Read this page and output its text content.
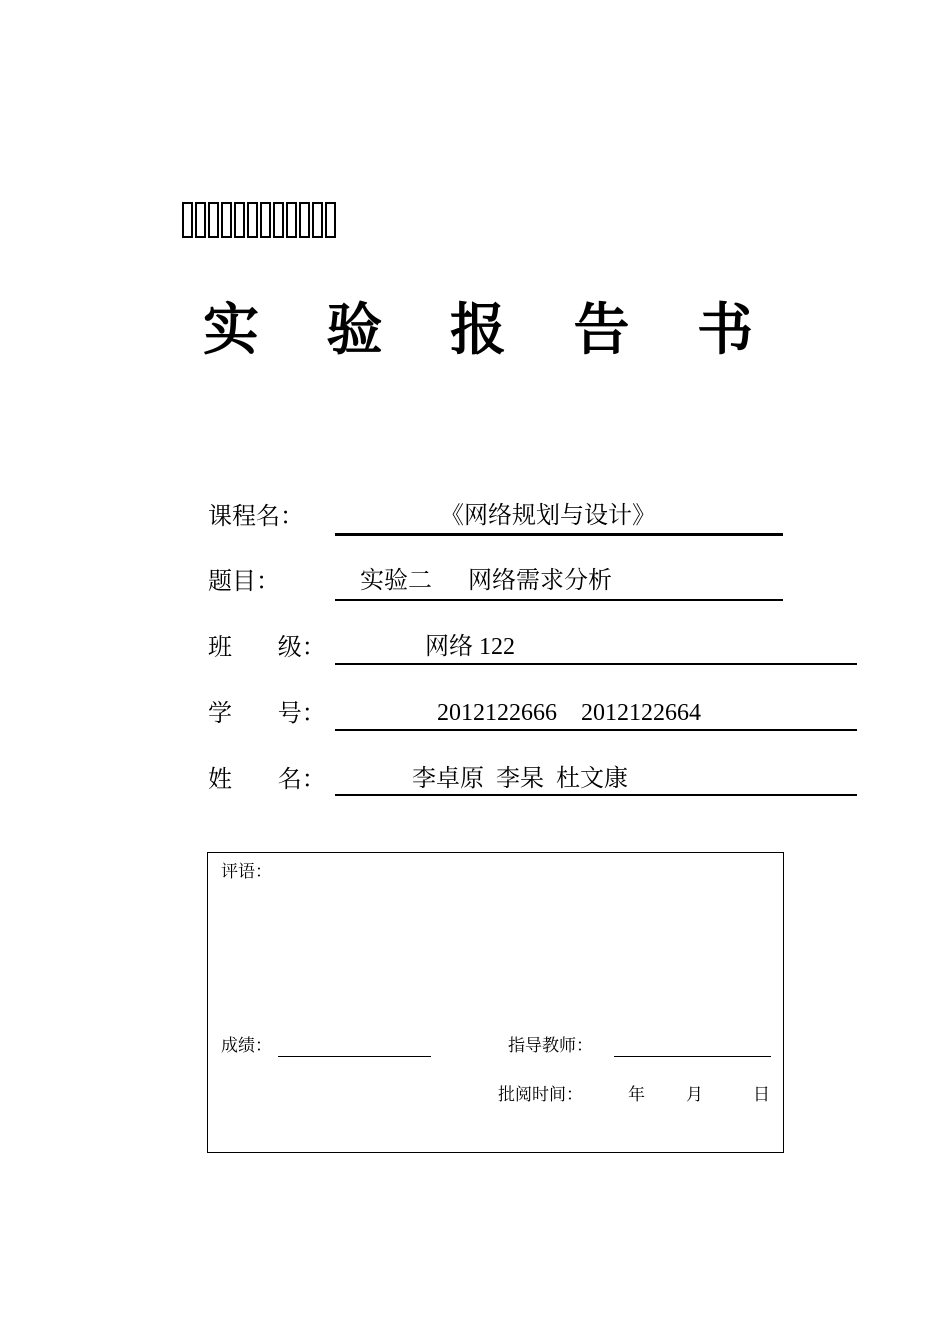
实 验 报 告 书
课程名：	《网络规划与设计》
题目：	实验二      网络需求分析
班      级：	网络 122
学      号：	2012122666    2012122664
姓      名：	李卓原  李杲  杜文康
评语：
成绩：	指导教师：
批阅时间：	年 月	日
